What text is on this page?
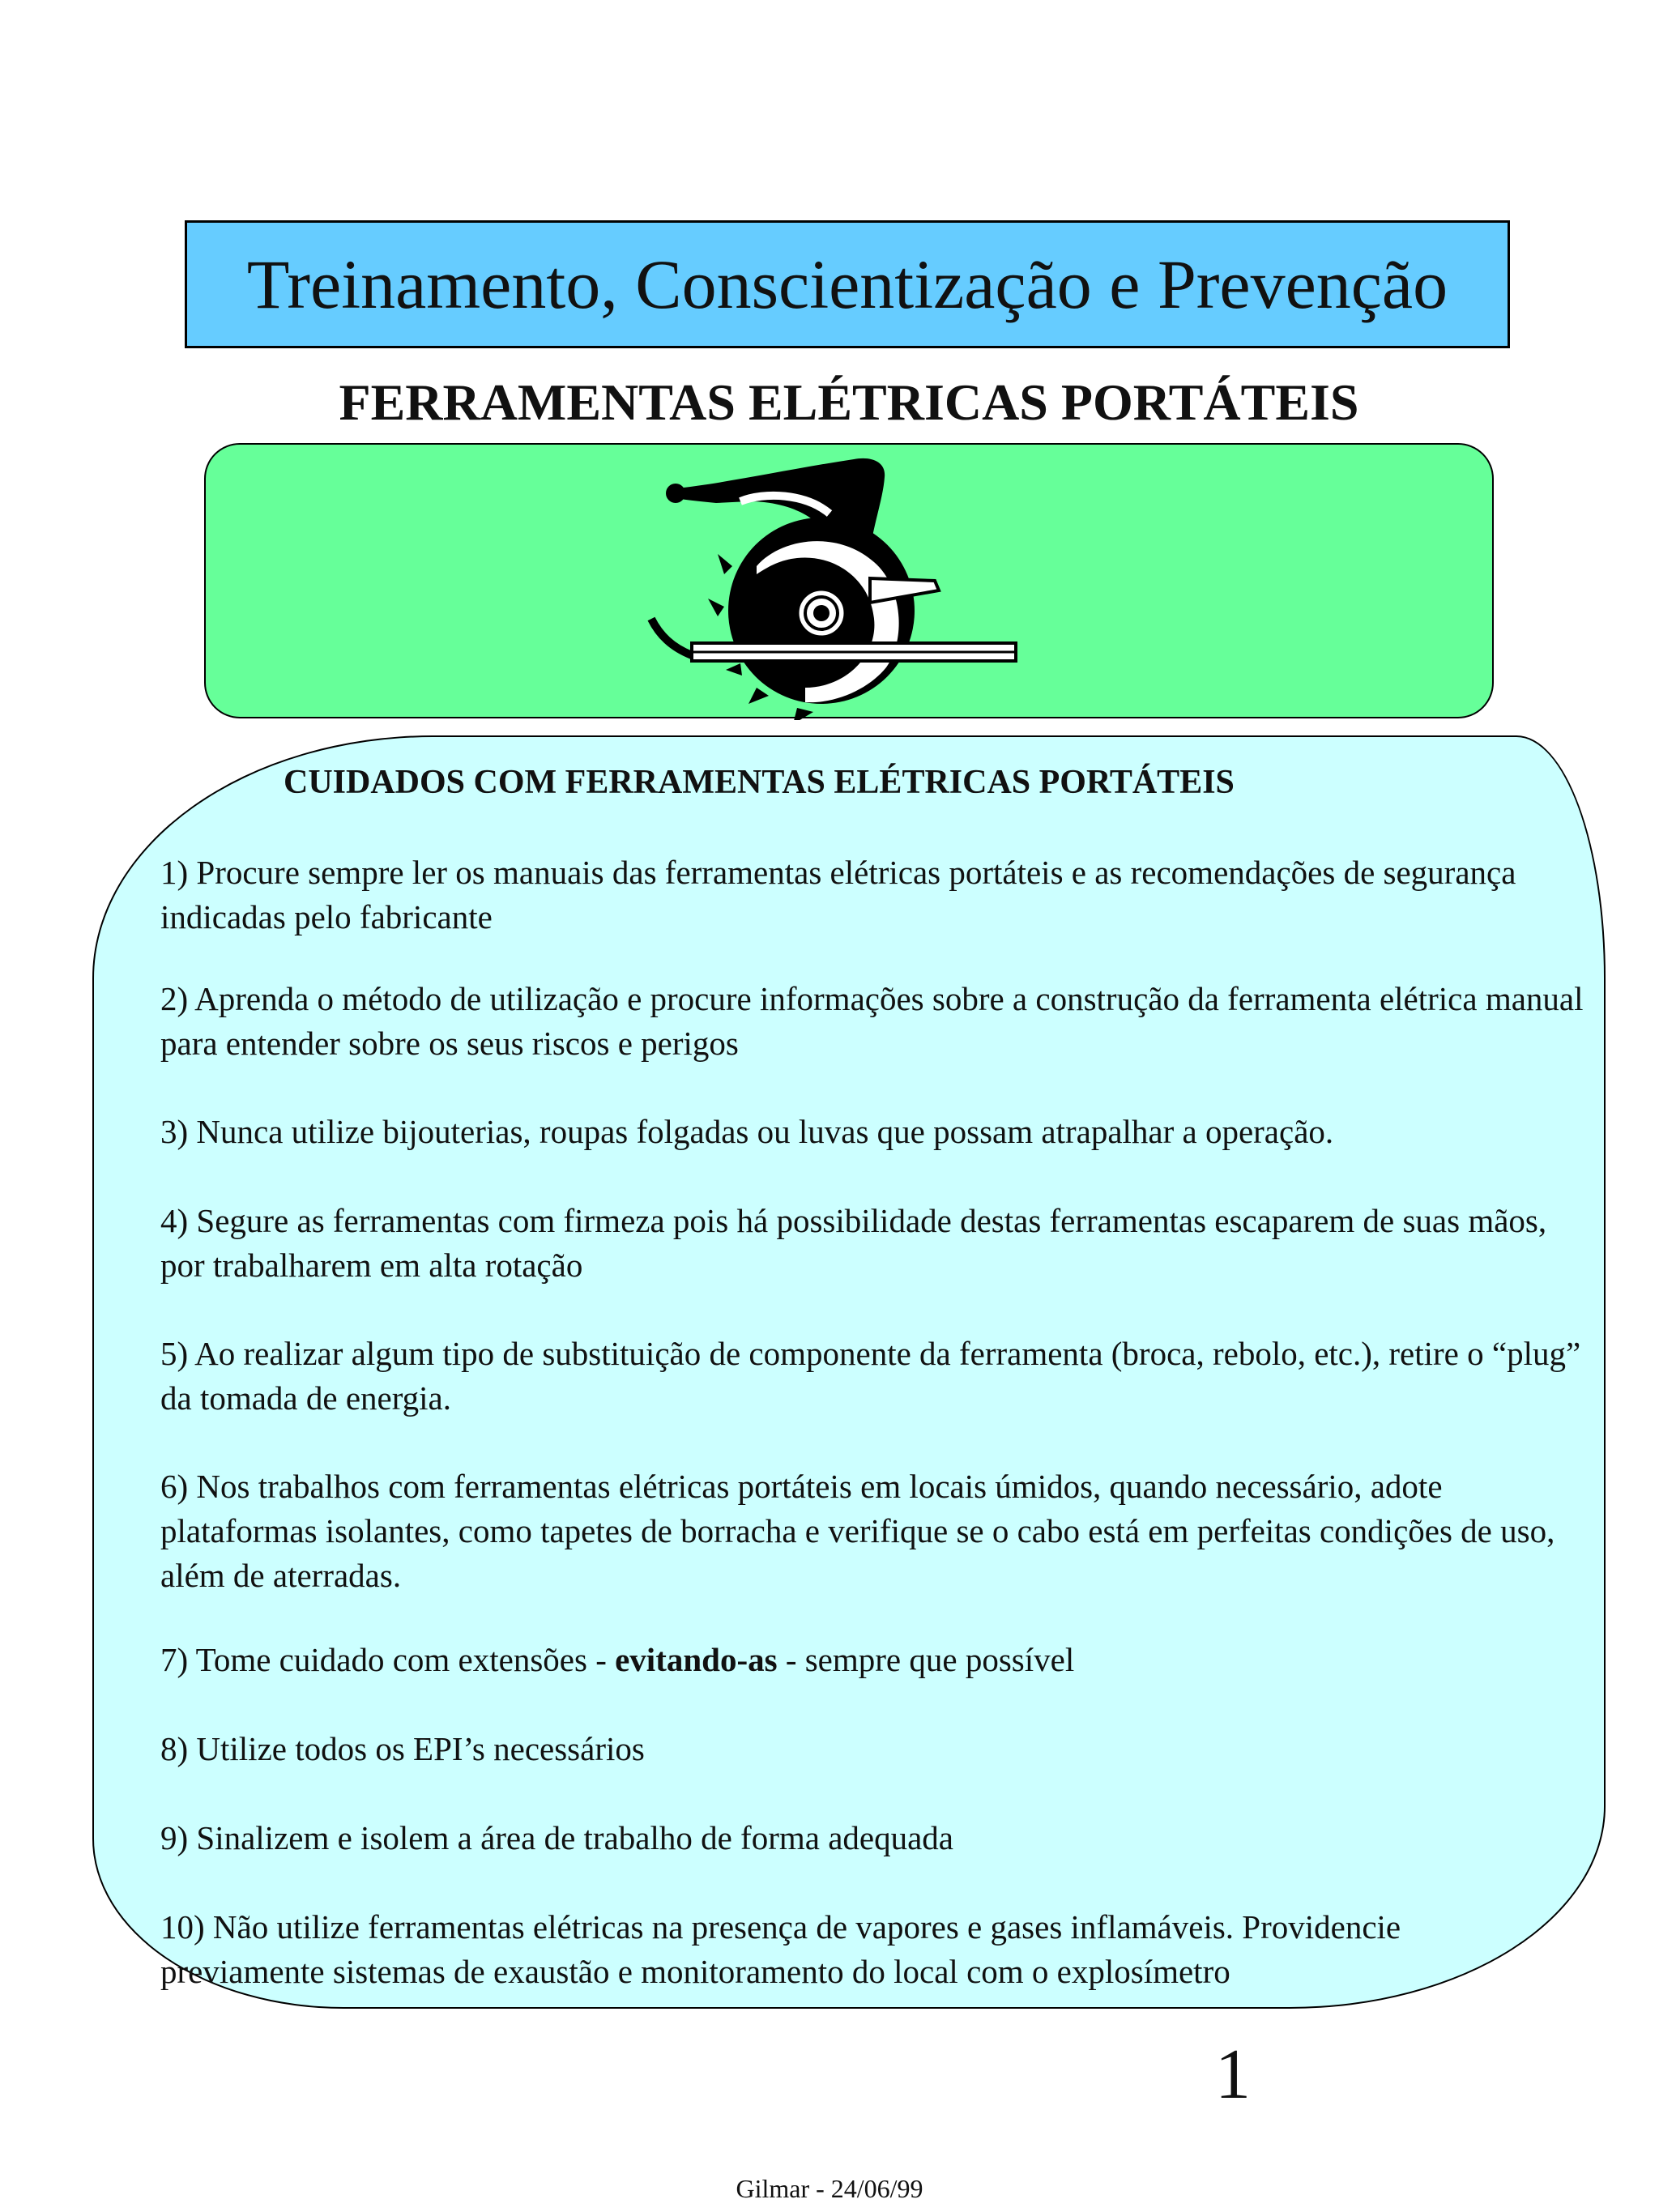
Treinamento, Conscientização e Prevenção
FERRAMENTAS ELÉTRICAS PORTÁTEIS
CUIDADOS COM FERRAMENTAS ELÉTRICAS PORTÁTEIS
1) Procure sempre ler os manuais das ferramentas elétricas portáteis e as recomendações de segurança indicadas pelo fabricante
2) Aprenda o método de utilização e procure informações sobre a construção da ferramenta elétrica manual para entender sobre os seus riscos e perigos
3) Nunca utilize bijouterias, roupas folgadas ou luvas que possam atrapalhar a operação.
4) Segure as ferramentas com firmeza pois há possibilidade destas ferramentas escaparem de suas mãos, por trabalharem em alta rotação
5) Ao realizar algum tipo de substituição de componente da ferramenta (broca, rebolo, etc.), retire o “plug” da tomada de energia.
6) Nos trabalhos com ferramentas elétricas portáteis em locais úmidos, quando necessário, adote plataformas isolantes, como tapetes de borracha e verifique se o cabo está em perfeitas condições de uso, além de aterradas.
7) Tome cuidado com extensões - evitando-as - sempre que possível
8) Utilize todos os EPI’s necessários
9) Sinalizem e isolem a área de trabalho de forma adequada
10) Não utilize ferramentas elétricas na presença de vapores e gases inflamáveis. Providencie previamente sistemas de exaustão e monitoramento do local com o explosímetro
1
Gilmar - 24/06/99
